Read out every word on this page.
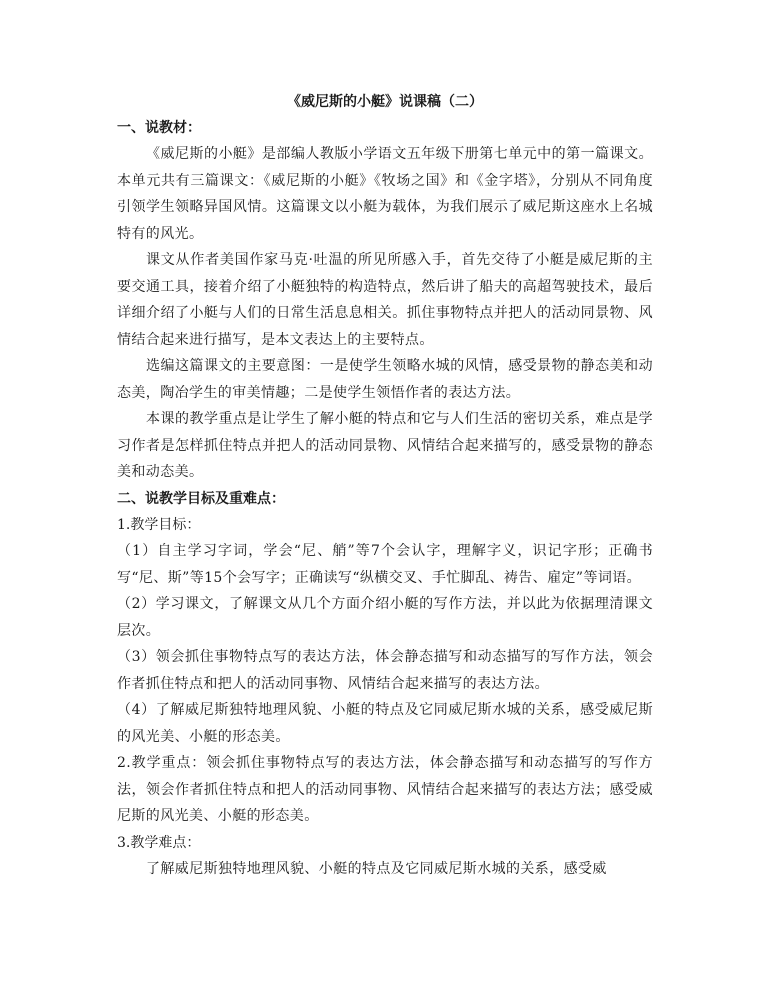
《威尼斯的小艇》说课稿（二）

一、说教材：

《威尼斯的小艇》是部编人教版小学语文五年级下册第七单元中的第一篇课文。本单元共有三篇课文：《威尼斯的小艇》《牧场之国》和《金字塔》，分别从不同角度引领学生领略异国风情。这篇课文以小艇为载体，为我们展示了威尼斯这座水上名城特有的风光。

课文从作者美国作家马克·吐温的所见所感入手，首先交待了小艇是威尼斯的主要交通工具，接着介绍了小艇独特的构造特点，然后讲了船夫的高超驾驶技术，最后详细介绍了小艇与人们的日常生活息息相关。抓住事物特点并把人的活动同景物、风情结合起来进行描写，是本文表达上的主要特点。

选编这篇课文的主要意图：一是使学生领略水城的风情，感受景物的静态美和动态美，陶冶学生的审美情趣；二是使学生领悟作者的表达方法。

本课的教学重点是让学生了解小艇的特点和它与人们生活的密切关系，难点是学习作者是怎样抓住特点并把人的活动同景物、风情结合起来描写的，感受景物的静态美和动态美。

二、说教学目标及重难点：

1.教学目标：

（1）自主学习字词，学会“尼、艄”等7个会认字，理解字义，识记字形；正确书写“尼、斯”等15个会写字；正确读写“纵横交叉、手忙脚乱、祷告、雇定”等词语。

（2）学习课文，了解课文从几个方面介绍小艇的写作方法，并以此为依据理清课文层次。

（3）领会抓住事物特点写的表达方法，体会静态描写和动态描写的写作方法，领会作者抓住特点和把人的活动同事物、风情结合起来描写的表达方法。

（4）了解威尼斯独特地理风貌、小艇的特点及它同威尼斯水城的关系，感受威尼斯的风光美、小艇的形态美。

2.教学重点：领会抓住事物特点写的表达方法，体会静态描写和动态描写的写作方法，领会作者抓住特点和把人的活动同事物、风情结合起来描写的表达方法；感受威尼斯的风光美、小艇的形态美。

3.教学难点：

了解威尼斯独特地理风貌、小艇的特点及它同威尼斯水城的关系，感受威
